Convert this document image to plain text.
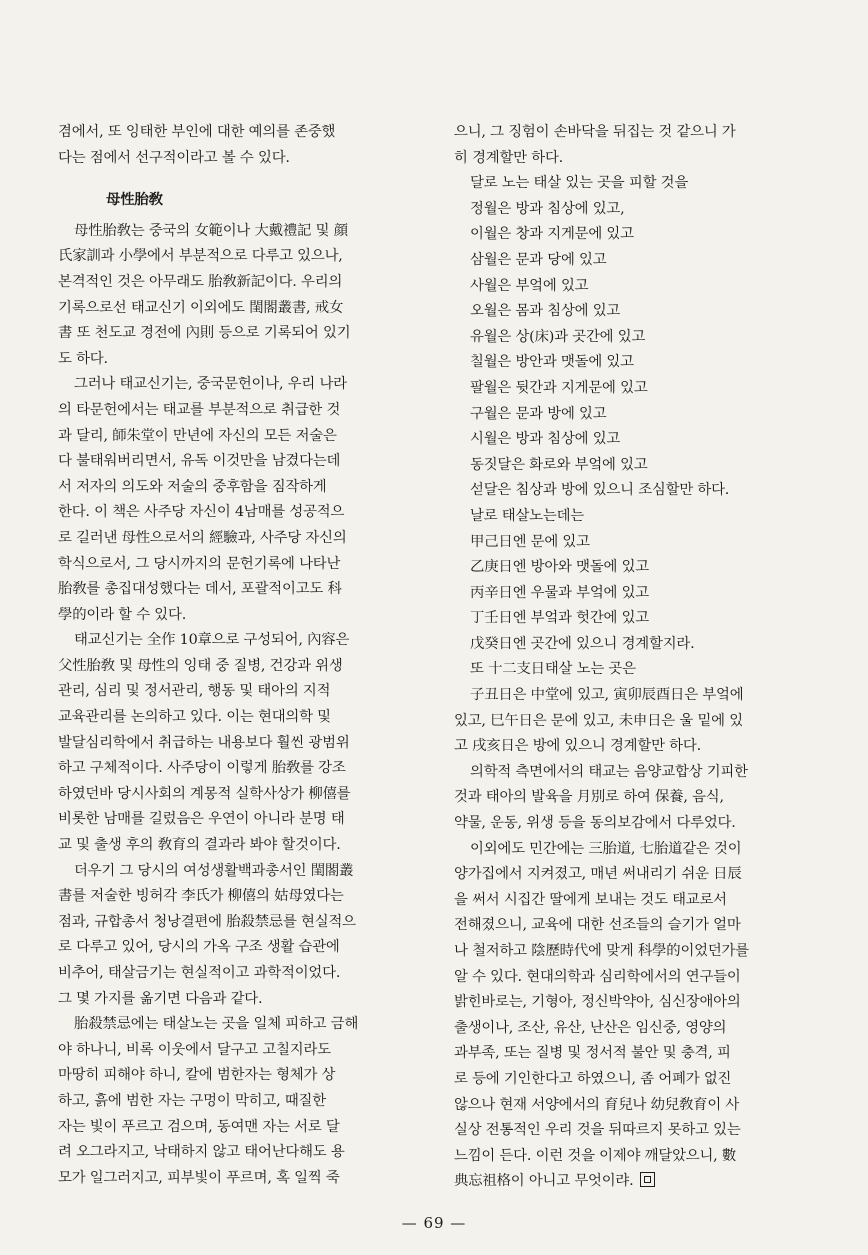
겸에서, 또 잉태한 부인에 대한 예의를 존중했
다는 점에서 선구적이라고 볼 수 있다.
母性胎敎
母性胎敎는 중국의 女範이나 大戴禮記 및 顔
氏家訓과 小學에서 부분적으로 다루고 있으나,
본격적인 것은 아무래도 胎敎新記이다. 우리의
기록으로선 태교신기 이외에도 閨閤叢書, 戒女
書 또 천도교 경전에 內則 등으로 기록되어 있기
도 하다.
그러나 태교신기는, 중국문헌이나, 우리 나라
의 타문헌에서는 태교를 부분적으로 취급한 것
과 달리, 師朱堂이 만년에 자신의 모든 저술은
다 불태워버리면서, 유독 이것만을 남겼다는데
서 저자의 의도와 저술의 중후함을 짐작하게
한다. 이 책은 사주당 자신이 4남매를 성공적으
로 길러낸 母性으로서의 經驗과, 사주당 자신의
학식으로서, 그 당시까지의 문헌기록에 나타난
胎敎를 총집대성했다는 데서, 포괄적이고도 科
學的이라 할 수 있다.
태교신기는 全作 10章으로 구성되어, 內容은
父性胎敎 및 母性의 잉태 중 질병, 건강과 위생
관리, 심리 및 정서관리, 행동 및 태아의 지적
교육관리를 논의하고 있다. 이는 현대의학 및
발달심리학에서 취급하는 내용보다 훨씬 광범위
하고 구체적이다. 사주당이 이렇게 胎敎를 강조
하였던바 당시사회의 계몽적 실학사상가 柳僖를
비롯한 남매를 길렀음은 우연이 아니라 분명 태
교 및 출생 후의 敎育의 결과라 봐야 할것이다.
더우기 그 당시의 여성생활백과총서인 閨閤叢
書를 저술한 빙허각 李氏가 柳僖의 姑母였다는
점과, 규합총서 청낭결편에 胎殺禁忌를 현실적으
로 다루고 있어, 당시의 가옥 구조 생활 습관에
비추어, 태살금기는 현실적이고 과학적이었다.
그 몇 가지를 옮기면 다음과 같다.
胎殺禁忌에는 태살노는 곳을 일체 피하고 금해
야 하나니, 비록 이웃에서 달구고 고칠지라도
마땅히 피해야 하니, 칼에 범한자는 형체가 상
하고, 흙에 범한 자는 구멍이 막히고, 때질한
자는 빛이 푸르고 검으며, 동여맨 자는 서로 달
려 오그라지고, 낙태하지 않고 태어난다해도 용
모가 일그러지고, 피부빛이 푸르며, 혹 일찍 죽
으니, 그 징험이 손바닥을 뒤집는 것 같으니 가
히 경계할만 하다.
달로 노는 태살 있는 곳을 피할 것을
정월은 방과 침상에 있고,
이월은 창과 지게문에 있고
삼월은 문과 당에 있고
사월은 부엌에 있고
오월은 몸과 침상에 있고
유월은 상(床)과 곳간에 있고
칠월은 방안과 맷돌에 있고
팔월은 뒷간과 지게문에 있고
구월은 문과 방에 있고
시월은 방과 침상에 있고
동짓달은 화로와 부엌에 있고
섣달은 침상과 방에 있으니 조심할만 하다.
날로 태살노는데는
甲己日엔 문에 있고
乙庚日엔 방아와 맷돌에 있고
丙辛日엔 우물과 부엌에 있고
丁壬日엔 부엌과 헛간에 있고
戊癸日엔 곳간에 있으니 경계할지라.
또 十二支日태살 노는 곳은
子丑日은 中堂에 있고, 寅卯辰酉日은 부엌에
있고, 巳午日은 문에 있고, 未申日은 울 밑에 있
고 戌亥日은 방에 있으니 경계할만 하다.
의학적 측면에서의 태교는 음양교합상 기피한
것과 태아의 발육을 月別로 하여 保養, 음식,
약물, 운동, 위생 등을 동의보감에서 다루었다.
이외에도 민간에는 三胎道, 七胎道같은 것이
양가집에서 지켜졌고, 매년 써내리기 쉬운 日辰
을 써서 시집간 딸에게 보내는 것도 태교로서
전해졌으니, 교육에 대한 선조들의 슬기가 얼마
나 철저하고 陰歷時代에 맞게 科學的이었던가를
알 수 있다. 현대의학과 심리학에서의 연구들이
밝힌바로는, 기형아, 정신박약아, 심신장애아의
출생이나, 조산, 유산, 난산은 임신중, 영양의
과부족, 또는 질병 및 정서적 불안 및 충격, 피
로 등에 기인한다고 하였으니, 좀 어폐가 없진
않으나 현재 서양에서의 育兒나 幼兒敎育이 사
실상 전통적인 우리 것을 뒤따르지 못하고 있는
느낌이 든다. 이런 것을 이제야 깨달았으니, 數
典忘祖格이 아니고 무엇이랴.
— 69 —
